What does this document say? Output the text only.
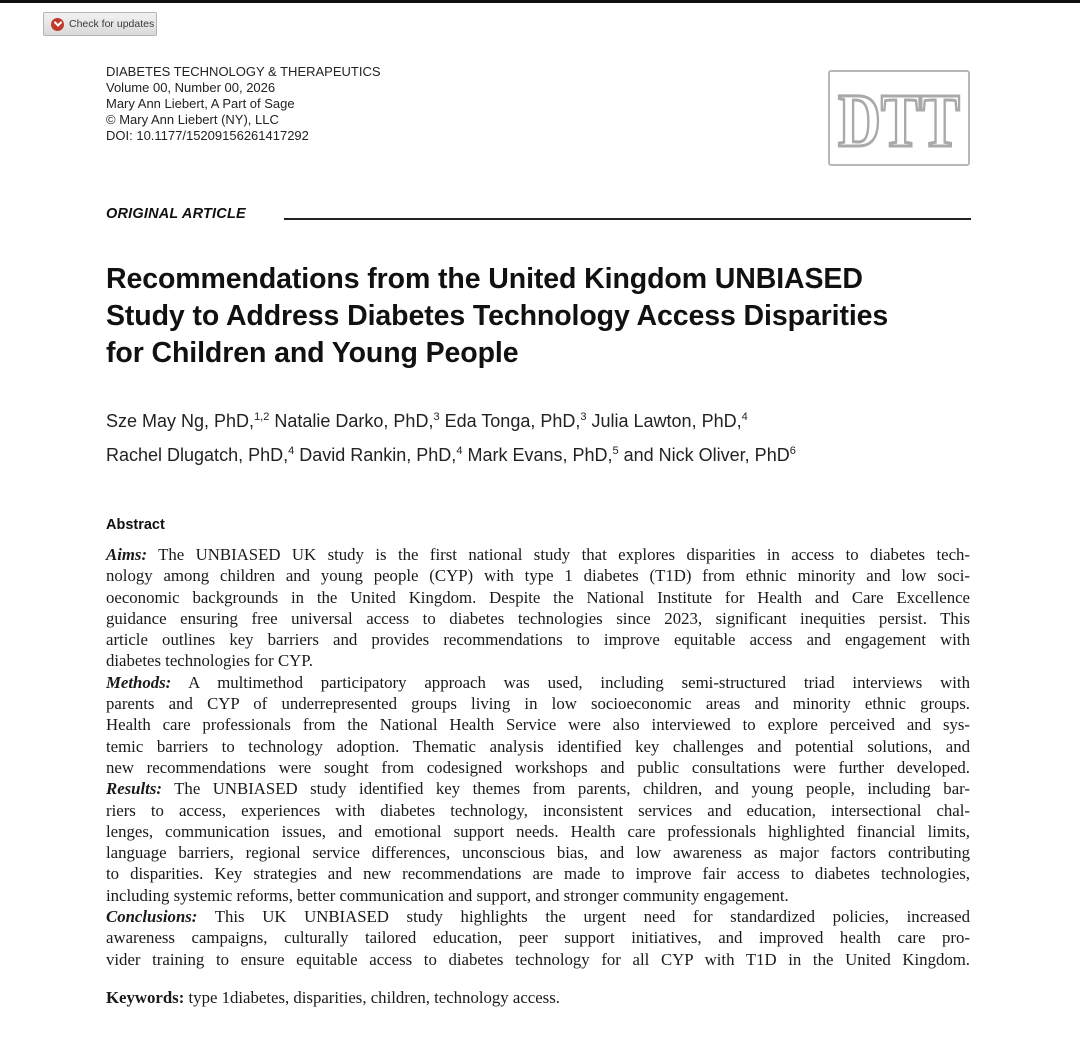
Check for updates
DIABETES TECHNOLOGY & THERAPEUTICS
Volume 00, Number 00, 2026
Mary Ann Liebert, A Part of Sage
© Mary Ann Liebert (NY), LLC
DOI: 10.1177/15209156261417292	DTT
ORIGINAL ARTICLE
Recommendations from the United Kingdom UNBIASED
Study to Address Diabetes Technology Access Disparities
for Children and Young People
Sze May Ng, PhD,$^{1,2}$ Natalie Darko, PhD,$^3$ Eda Tonga, PhD,$^3$ Julia Lawton, PhD,$^4$
Rachel Dlugatch, PhD,$^4$ David Rankin, PhD,$^4$ Mark Evans, PhD,$^5$ and Nick Oliver, PhD$^6$
Abstract
Aims: The UNBIASED UK study is the first national study that explores disparities in access to diabetes tech-
nology among children and young people (CYP) with type 1 diabetes (T1D) from ethnic minority and low soci-
oeconomic backgrounds in the United Kingdom. Despite the National Institute for Health and Care Excellence
guidance ensuring free universal access to diabetes technologies since 2023, significant inequities persist. This
article outlines key barriers and provides recommendations to improve equitable access and engagement with
diabetes technologies for CYP.
Methods: A multimethod participatory approach was used, including semi-structured triad interviews with
parents and CYP of underrepresented groups living in low socioeconomic areas and minority ethnic groups.
Health care professionals from the National Health Service were also interviewed to explore perceived and sys-
temic barriers to technology adoption. Thematic analysis identified key challenges and potential solutions, and
new recommendations were sought from codesigned workshops and public consultations were further developed.
Results: The UNBIASED study identified key themes from parents, children, and young people, including bar-
riers to access, experiences with diabetes technology, inconsistent services and education, intersectional chal-
lenges, communication issues, and emotional support needs. Health care professionals highlighted financial limits,
language barriers, regional service differences, unconscious bias, and low awareness as major factors contributing
to disparities. Key strategies and new recommendations are made to improve fair access to diabetes technologies,
including systemic reforms, better communication and support, and stronger community engagement.
Conclusions: This UK UNBIASED study highlights the urgent need for standardized policies, increased
awareness campaigns, culturally tailored education, peer support initiatives, and improved health care pro-
vider training to ensure equitable access to diabetes technology for all CYP with T1D in the United Kingdom.
Keywords: type 1diabetes, disparities, children, technology access.
